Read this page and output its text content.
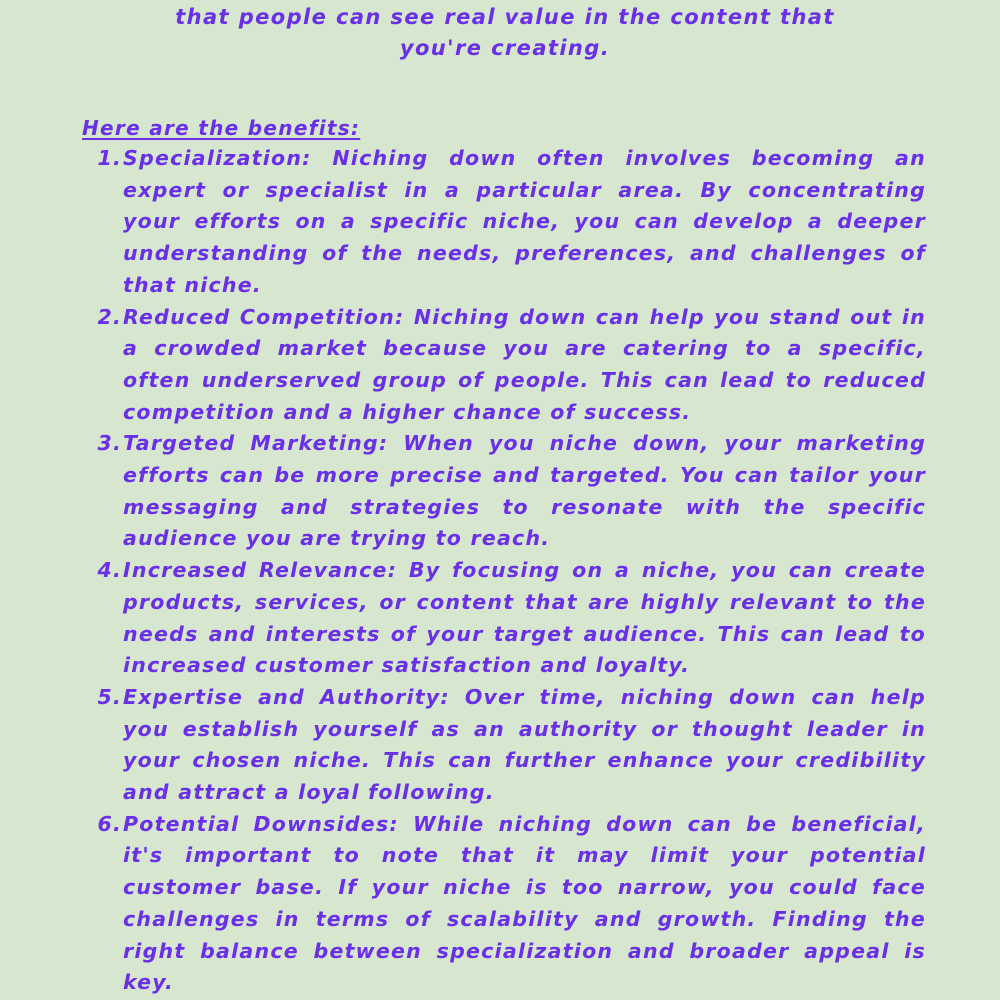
that people can see real value in the content that you're creating.

Here are the benefits:

1. Specialization: Niching down often involves becoming an expert or specialist in a particular area. By concentrating your efforts on a specific niche, you can develop a deeper understanding of the needs, preferences, and challenges of that niche.
2. Reduced Competition: Niching down can help you stand out in a crowded market because you are catering to a specific, often underserved group of people. This can lead to reduced competition and a higher chance of success.
3. Targeted Marketing: When you niche down, your marketing efforts can be more precise and targeted. You can tailor your messaging and strategies to resonate with the specific audience you are trying to reach.
4. Increased Relevance: By focusing on a niche, you can create products, services, or content that are highly relevant to the needs and interests of your target audience. This can lead to increased customer satisfaction and loyalty.
5. Expertise and Authority: Over time, niching down can help you establish yourself as an authority or thought leader in your chosen niche. This can further enhance your credibility and attract a loyal following.
6. Potential Downsides: While niching down can be beneficial, it's important to note that it may limit your potential customer base. If your niche is too narrow, you could face challenges in terms of scalability and growth. Finding the right balance between specialization and broader appeal is key.
